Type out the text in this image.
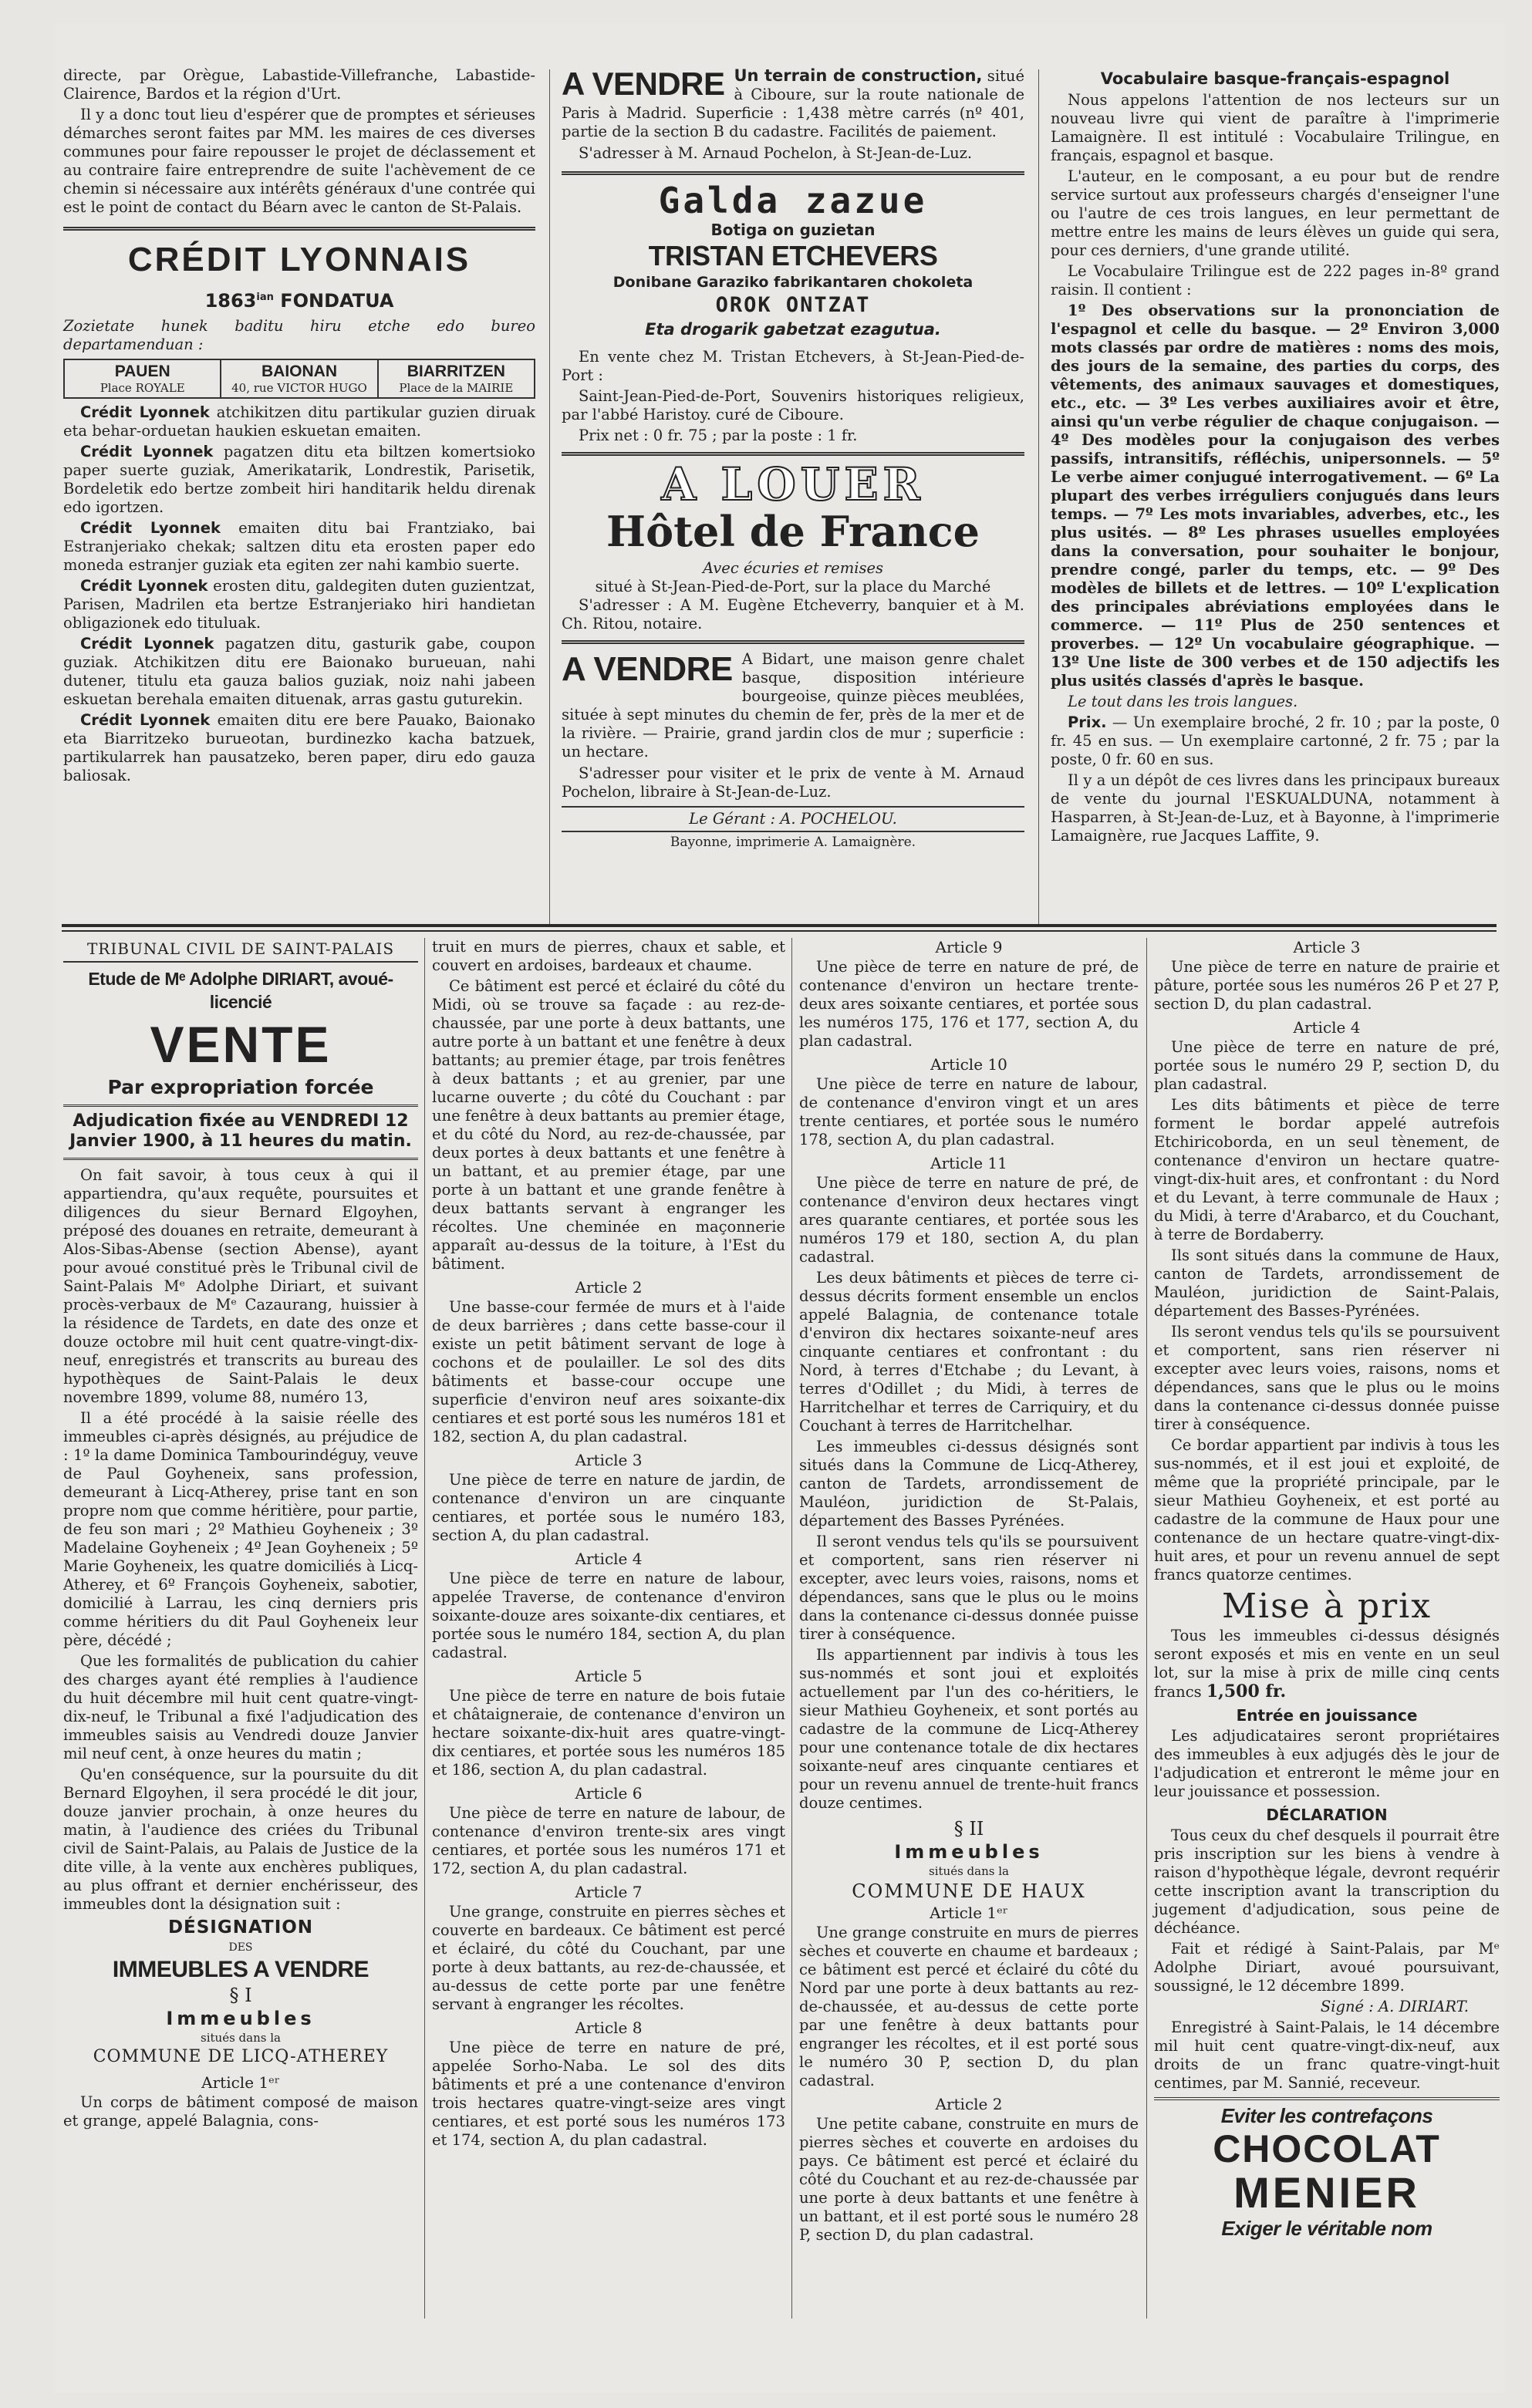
directe, par Orègue, Labastide-Villefranche, Labastide-Clairence, Bardos et la région d'Urt.

Il y a donc tout lieu d'espérer que de promptes et sérieuses démarches seront faites par MM. les maires de ces diverses communes pour faire repousser le projet de déclassement et au contraire faire entreprendre de suite l'achèvement de ce chemin si nécessaire aux intérêts généraux d'une contrée qui est le point de contact du Béarn avec le canton de St-Palais.

CRÉDIT LYONNAIS
$1863^{ian}$ FONDATUA

Zozietate hunek baditu hiru etche edo bureo departamenduan :

PAUEN
Place ROYALE
BAIONAN
40, rue VICTOR HUGO
BIARRITZEN
Place de la MAIRIE

Crédit Lyonnek atchikitzen ditu partikular guzien diruak eta behar-orduetan haukien eskuetan emaiten.

Crédit Lyonnek pagatzen ditu eta biltzen komertsioko paper suerte guziak, Amerikatarik, Londrestik, Parisetik, Bordeletik edo bertze zombeit hiri handitarik heldu direnak edo igortzen.

Crédit Lyonnek emaiten ditu bai Frantziako, bai Estranjeriako chekak; saltzen ditu eta erosten paper edo moneda estranjer guziak eta egiten zer nahi kambio suerte.

Crédit Lyonnek erosten ditu, galdegiten duten guzientzat, Parisen, Madrilen eta bertze Estranjeriako hiri handietan obligazionek edo tituluak.

Crédit Lyonnek pagatzen ditu, gasturik gabe, coupon guziak. Atchikitzen ditu ere Baionako burueuan, nahi dutener, titulu eta gauza balios guziak, noiz nahi jabeen eskuetan berehala emaiten dituenak, arras gastu guturekin.

Crédit Lyonnek emaiten ditu ere bere Pauako, Baionako eta Biarritzeko burueotan, burdinezko kacha batzuek, partikularrek han pausatzeko, beren paper, diru edo gauza baliosak.

A VENDRE Un terrain de construction, situé à Ciboure, sur la route nationale de Paris à Madrid. Superficie : 1,438 mètre carrés (nº 401, partie de la section B du cadastre. Facilités de paiement.

S'adresser à M. Arnaud Pochelon, à St-Jean-de-Luz.

Galda zazue
Botiga on guzietan
TRISTAN ETCHEVERS
Donibane Garaziko fabrikantaren chokoleta
OROK ONTZAT
Eta drogarik gabetzat ezagutua.

En vente chez M. Tristan Etchevers, à St-Jean-Pied-de-Port :

Saint-Jean-Pied-de-Port, Souvenirs historiques religieux, par l'abbé Haristoy. curé de Ciboure.

Prix net : 0 fr. 75 ; par la poste : 1 fr.

A LOUER
Hôtel de France
Avec écuries et remises
situé à St-Jean-Pied-de-Port, sur la place du Marché

S'adresser : A M. Eugène Etcheverry, banquier et à M. Ch. Ritou, notaire.

A VENDRE A Bidart, une maison genre chalet basque, disposition intérieure bourgeoise, quinze pièces meublées, située à sept minutes du chemin de fer, près de la mer et de la rivière. — Prairie, grand jardin clos de mur ; superficie : un hectare.

S'adresser pour visiter et le prix de vente à M. Arnaud Pochelon, libraire à St-Jean-de-Luz.

Le Gérant : A. POCHELOU.
Bayonne, imprimerie A. Lamaignère.
Vocabulaire basque-français-espagnol

Nous appelons l'attention de nos lecteurs sur un nouveau livre qui vient de paraître à l'imprimerie Lamaignère. Il est intitulé : Vocabulaire Trilingue, en français, espagnol et basque.

L'auteur, en le composant, a eu pour but de rendre service surtout aux professeurs chargés d'enseigner l'une ou l'autre de ces trois langues, en leur permettant de mettre entre les mains de leurs élèves un guide qui sera, pour ces derniers, d'une grande utilité.

Le Vocabulaire Trilingue est de 222 pages in-8º grand raisin. Il contient :

1º Des observations sur la prononciation de l'espagnol et celle du basque. — 2º Environ 3,000 mots classés par ordre de matières : noms des mois, des jours de la semaine, des parties du corps, des vêtements, des animaux sauvages et domestiques, etc., etc. — 3º Les verbes auxiliaires avoir et être, ainsi qu'un verbe régulier de chaque conjugaison. — 4º Des modèles pour la conjugaison des verbes passifs, intransitifs, réfléchis, unipersonnels. — 5º Le verbe aimer conjugué interrogativement. — 6º La plupart des verbes irréguliers conjugués dans leurs temps. — 7º Les mots invariables, adverbes, etc., les plus usités. — 8º Les phrases usuelles employées dans la conversation, pour souhaiter le bonjour, prendre congé, parler du temps, etc. — 9º Des modèles de billets et de lettres. — 10º L'explication des principales abréviations employées dans le commerce. — 11º Plus de 250 sentences et proverbes. — 12º Un vocabulaire géographique. — 13º Une liste de 300 verbes et de 150 adjectifs les plus usités classés d'après le basque.

Le tout dans les trois langues.

Prix. — Un exemplaire broché, 2 fr. 10 ; par la poste, 0 fr. 45 en sus. — Un exemplaire cartonné, 2 fr. 75 ; par la poste, 0 fr. 60 en sus.

Il y a un dépôt de ces livres dans les principaux bureaux de vente du journal l'ESKUALDUNA, notamment à Hasparren, à St-Jean-de-Luz, et à Bayonne, à l'imprimerie Lamaignère, rue Jacques Laffite, 9.

TRIBUNAL CIVIL DE SAINT-PALAIS
Etude de Mᵉ Adolphe DIRIART, avoué-licencié
VENTE
Par expropriation forcée
Adjudication fixée au VENDREDI 12 Janvier 1900, à 11 heures du matin.

On fait savoir, à tous ceux à qui il appartiendra, qu'aux requête, poursuites et diligences du sieur Bernard Elgoyhen, préposé des douanes en retraite, demeurant à Alos-Sibas-Abense (section Abense), ayant pour avoué constitué près le Tribunal civil de Saint-Palais Mᵉ Adolphe Diriart, et suivant procès-verbaux de Mᵉ Cazaurang, huissier à la résidence de Tardets, en date des onze et douze octobre mil huit cent quatre-vingt-dix-neuf, enregistrés et transcrits au bureau des hypothèques de Saint-Palais le deux novembre 1899, volume 88, numéro 13,

Il a été procédé à la saisie réelle des immeubles ci-après désignés, au préjudice de : 1º la dame Dominica Tambourindéguy, veuve de Paul Goyheneix, sans profession, demeurant à Licq-Atherey, prise tant en son propre nom que comme héritière, pour partie, de feu son mari ; 2º Mathieu Goyheneix ; 3º Madelaine Goyheneix ; 4º Jean Goyheneix ; 5º Marie Goyheneix, les quatre domiciliés à Licq-Atherey, et 6º François Goyheneix, sabotier, domicilié à Larrau, les cinq derniers pris comme héritiers du dit Paul Goyheneix leur père, décédé ;

Que les formalités de publication du cahier des charges ayant été remplies à l'audience du huit décembre mil huit cent quatre-vingt-dix-neuf, le Tribunal a fixé l'adjudication des immeubles saisis au Vendredi douze Janvier mil neuf cent, à onze heures du matin ;

Qu'en conséquence, sur la poursuite du dit Bernard Elgoyhen, il sera procédé le dit jour, douze janvier prochain, à onze heures du matin, à l'audience des criées du Tribunal civil de Saint-Palais, au Palais de Justice de la dite ville, à la vente aux enchères publiques, au plus offrant et dernier enchérisseur, des immeubles dont la désignation suit :

DÉSIGNATION
DES
IMMEUBLES A VENDRE
§ I
Immeubles
situés dans la
COMMUNE DE LICQ-ATHEREY
Article 1ᵉʳ

Un corps de bâtiment composé de maison et grange, appelé Balagnia, cons-

truit en murs de pierres, chaux et sable, et couvert en ardoises, bardeaux et chaume.

Ce bâtiment est percé et éclairé du côté du Midi, où se trouve sa façade : au rez-de-chaussée, par une porte à deux battants, une autre porte à un battant et une fenêtre à deux battants; au premier étage, par trois fenêtres à deux battants ; et au grenier, par une lucarne ouverte ; du côté du Couchant : par une fenêtre à deux battants au premier étage, et du côté du Nord, au rez-de-chaussée, par deux portes à deux battants et une fenêtre à un battant, et au premier étage, par une porte à un battant et une grande fenêtre à deux battants servant à engranger les récoltes. Une cheminée en maçonnerie apparaît au-dessus de la toiture, à l'Est du bâtiment.

Article 2

Une basse-cour fermée de murs et à l'aide de deux barrières ; dans cette basse-cour il existe un petit bâtiment servant de loge à cochons et de poulailler. Le sol des dits bâtiments et basse-cour occupe une superficie d'environ neuf ares soixante-dix centiares et est porté sous les numéros 181 et 182, section A, du plan cadastral.

Article 3

Une pièce de terre en nature de jardin, de contenance d'environ un are cinquante centiares, et portée sous le numéro 183, section A, du plan cadastral.

Article 4

Une pièce de terre en nature de labour, appelée Traverse, de contenance d'environ soixante-douze ares soixante-dix centiares, et portée sous le numéro 184, section A, du plan cadastral.

Article 5

Une pièce de terre en nature de bois futaie et châtaigneraie, de contenance d'environ un hectare soixante-dix-huit ares quatre-vingt-dix centiares, et portée sous les numéros 185 et 186, section A, du plan cadastral.

Article 6

Une pièce de terre en nature de labour, de contenance d'environ trente-six ares vingt centiares, et portée sous les numéros 171 et 172, section A, du plan cadastral.

Article 7

Une grange, construite en pierres sèches et couverte en bardeaux. Ce bâtiment est percé et éclairé, du côté du Couchant, par une porte à deux battants, au rez-de-chaussée, et au-dessus de cette porte par une fenêtre servant à engranger les récoltes.

Article 8

Une pièce de terre en nature de pré, appelée Sorho-Naba. Le sol des dits bâtiments et pré a une contenance d'environ trois hectares quatre-vingt-seize ares vingt centiares, et est porté sous les numéros 173 et 174, section A, du plan cadastral.

Article 9

Une pièce de terre en nature de pré, de contenance d'environ un hectare trente-deux ares soixante centiares, et portée sous les numéros 175, 176 et 177, section A, du plan cadastral.

Article 10

Une pièce de terre en nature de labour, de contenance d'environ vingt et un ares trente centiares, et portée sous le numéro 178, section A, du plan cadastral.

Article 11

Une pièce de terre en nature de pré, de contenance d'environ deux hectares vingt ares quarante centiares, et portée sous les numéros 179 et 180, section A, du plan cadastral.

Les deux bâtiments et pièces de terre ci-dessus décrits forment ensemble un enclos appelé Balagnia, de contenance totale d'environ dix hectares soixante-neuf ares cinquante centiares et confrontant : du Nord, à terres d'Etchabe ; du Levant, à terres d'Odillet ; du Midi, à terres de Harritchelhar et terres de Carriquiry, et du Couchant à terres de Harritchelhar.

Les immeubles ci-dessus désignés sont situés dans la Commune de Licq-Atherey, canton de Tardets, arrondissement de Mauléon, juridiction de St-Palais, département des Basses Pyrénées.

Il seront vendus tels qu'ils se poursuivent et comportent, sans rien réserver ni excepter, avec leurs voies, raisons, noms et dépendances, sans que le plus ou le moins dans la contenance ci-dessus donnée puisse tirer à conséquence.

Ils appartiennent par indivis à tous les sus-nommés et sont joui et exploités actuellement par l'un des co-héritiers, le sieur Mathieu Goyheneix, et sont portés au cadastre de la commune de Licq-Atherey pour une contenance totale de dix hectares soixante-neuf ares cinquante centiares et pour un revenu annuel de trente-huit francs douze centimes.

§ II
Immeubles
situés dans la
COMMUNE DE HAUX
Article 1ᵉʳ

Une grange construite en murs de pierres sèches et couverte en chaume et bardeaux ; ce bâtiment est percé et éclairé du côté du Nord par une porte à deux battants au rez-de-chaussée, et au-dessus de cette porte par une fenêtre à deux battants pour engranger les récoltes, et il est porté sous le numéro 30 P, section D, du plan cadastral.

Article 2

Une petite cabane, construite en murs de pierres sèches et couverte en ardoises du pays. Ce bâtiment est percé et éclairé du côté du Couchant et au rez-de-chaussée par une porte à deux battants et une fenêtre à un battant, et il est porté sous le numéro 28 P, section D, du plan cadastral.

Article 3

Une pièce de terre en nature de prairie et pâture, portée sous les numéros 26 P et 27 P, section D, du plan cadastral.

Article 4

Une pièce de terre en nature de pré, portée sous le numéro 29 P, section D, du plan cadastral.

Les dits bâtiments et pièce de terre forment le bordar appelé autrefois Etchiricoborda, en un seul tènement, de contenance d'environ un hectare quatre-vingt-dix-huit ares, et confrontant : du Nord et du Levant, à terre communale de Haux ; du Midi, à terre d'Arabarco, et du Couchant, à terre de Bordaberry.

Ils sont situés dans la commune de Haux, canton de Tardets, arrondissement de Mauléon, juridiction de Saint-Palais, département des Basses-Pyrénées.

Ils seront vendus tels qu'ils se poursuivent et comportent, sans rien réserver ni excepter avec leurs voies, raisons, noms et dépendances, sans que le plus ou le moins dans la contenance ci-dessus donnée puisse tirer à conséquence.

Ce bordar appartient par indivis à tous les sus-nommés, et il est joui et exploité, de même que la propriété principale, par le sieur Mathieu Goyheneix, et est porté au cadastre de la commune de Haux pour une contenance de un hectare quatre-vingt-dix-huit ares, et pour un revenu annuel de sept francs quatorze centimes.

Mise à prix

Tous les immeubles ci-dessus désignés seront exposés et mis en vente en un seul lot, sur la mise à prix de mille cinq cents francs 1,500 fr.

Entrée en jouissance

Les adjudicataires seront propriétaires des immeubles à eux adjugés dès le jour de l'adjudication et entreront le même jour en leur jouissance et possession.

DÉCLARATION

Tous ceux du chef desquels il pourrait être pris inscription sur les biens à vendre à raison d'hypothèque légale, devront requérir cette inscription avant la transcription du jugement d'adjudication, sous peine de déchéance.

Fait et rédigé à Saint-Palais, par Mᵉ Adolphe Diriart, avoué poursuivant, soussigné, le 12 décembre 1899.

Signé : A. DIRIART.

Enregistré à Saint-Palais, le 14 décembre mil huit cent quatre-vingt-dix-neuf, aux droits de un franc quatre-vingt-huit centimes, par M. Sannié, receveur.

Eviter les contrefaçons
CHOCOLAT
MENIER
Exiger le véritable nom
